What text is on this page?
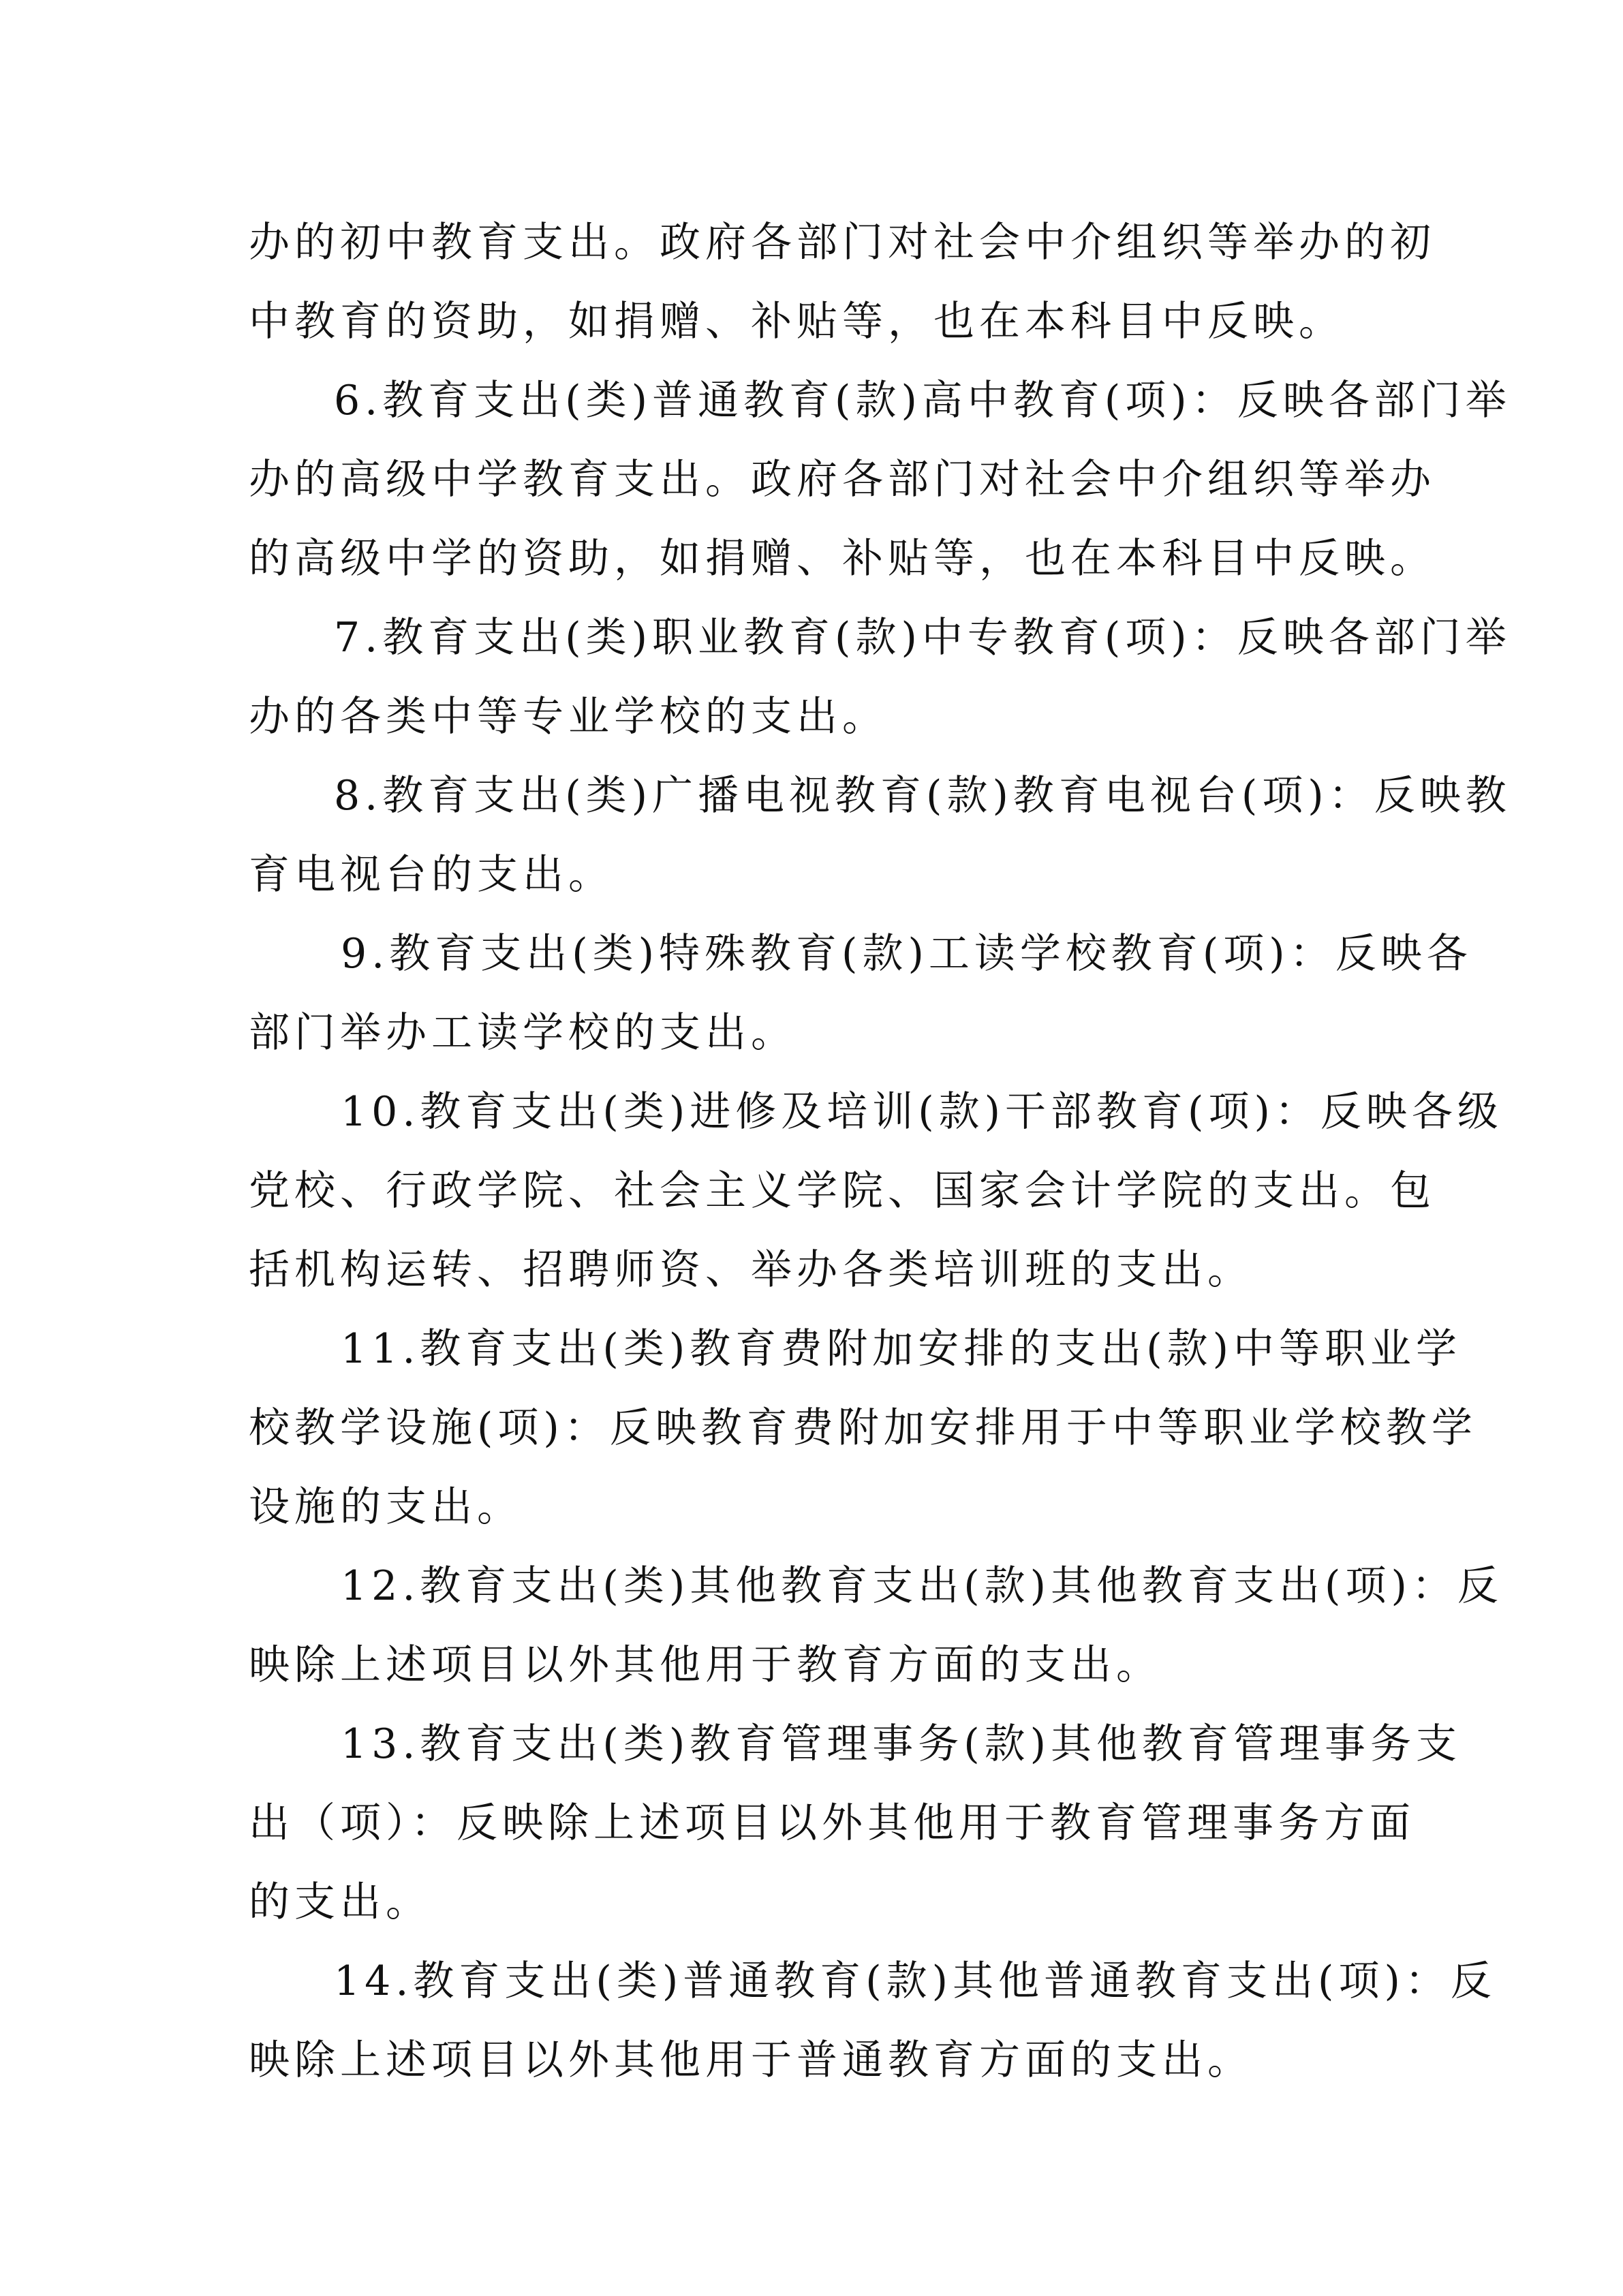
办的初中教育支出。政府各部门对社会中介组织等举办的初
中教育的资助，如捐赠、补贴等，也在本科目中反映。
6.教育支出(类)普通教育(款)高中教育(项)：反映各部门举
办的高级中学教育支出。政府各部门对社会中介组织等举办
的高级中学的资助，如捐赠、补贴等，也在本科目中反映。
7.教育支出(类)职业教育(款)中专教育(项)：反映各部门举
办的各类中等专业学校的支出。
8.教育支出(类)广播电视教育(款)教育电视台(项)：反映教
育电视台的支出。
9.教育支出(类)特殊教育(款)工读学校教育(项)：反映各
部门举办工读学校的支出。
10.教育支出(类)进修及培训(款)干部教育(项)：反映各级
党校、行政学院、社会主义学院、国家会计学院的支出。包
括机构运转、招聘师资、举办各类培训班的支出。
11.教育支出(类)教育费附加安排的支出(款)中等职业学
校教学设施(项)：反映教育费附加安排用于中等职业学校教学
设施的支出。
12.教育支出(类)其他教育支出(款)其他教育支出(项)：反
映除上述项目以外其他用于教育方面的支出。
13.教育支出(类)教育管理事务(款)其他教育管理事务支
出（项）：反映除上述项目以外其他用于教育管理事务方面
的支出。
14.教育支出(类)普通教育(款)其他普通教育支出(项)：反
映除上述项目以外其他用于普通教育方面的支出。
